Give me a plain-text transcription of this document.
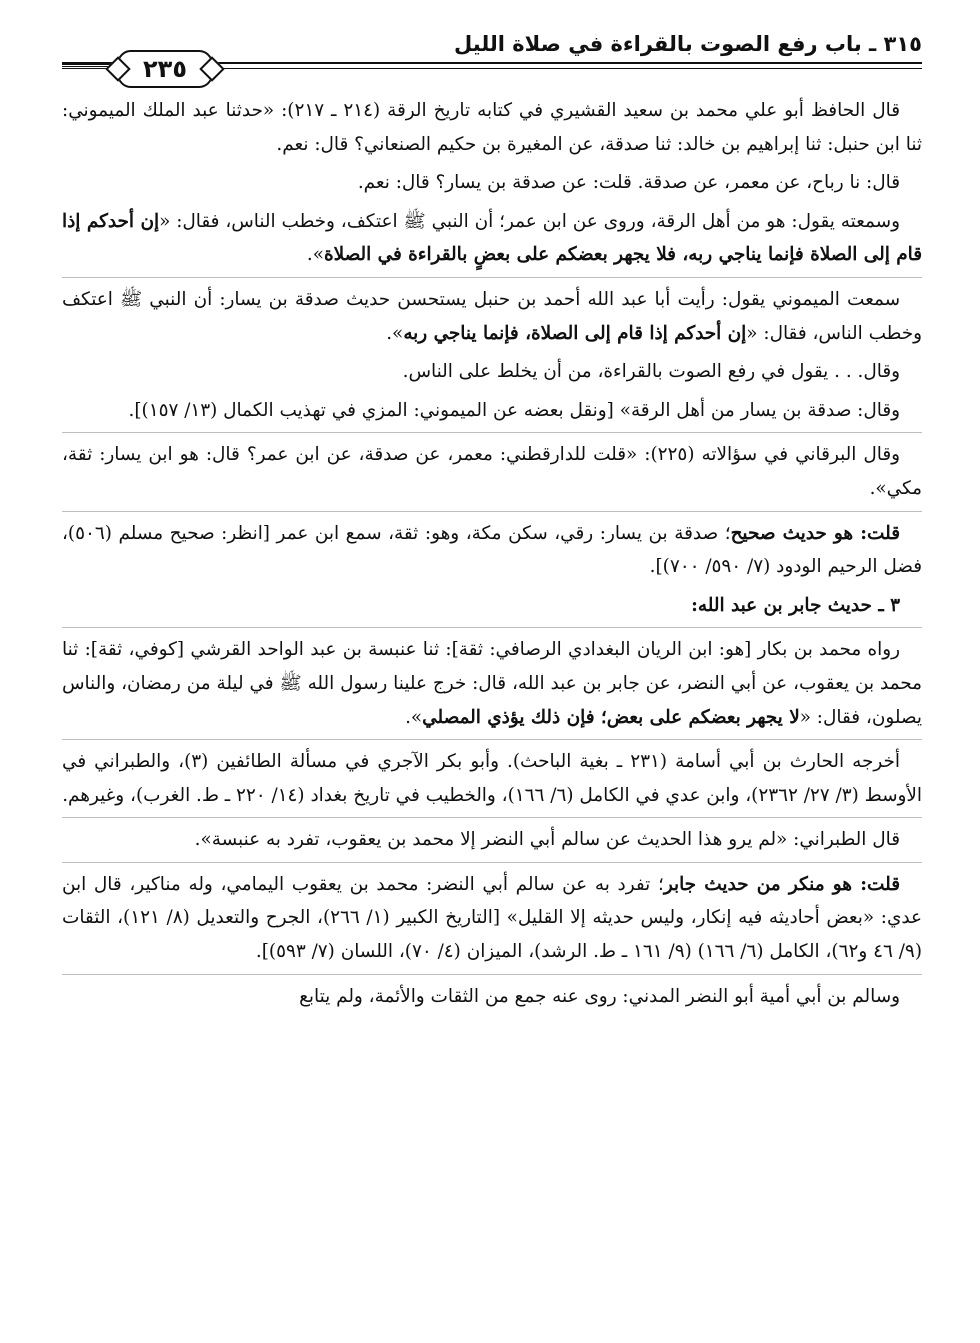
٣١٥ ـ باب رفع الصوت بالقراءة في صلاة الليل
٢٣٥

قال الحافظ أبو علي محمد بن سعيد القشيري في كتابه تاريخ الرقة (٢١٤ ـ ٢١٧): «حدثنا عبد الملك الميموني: ثنا ابن حنبل: ثنا إبراهيم بن خالد: ثنا صدقة، عن المغيرة بن حكيم الصنعاني؟ قال: نعم.

قال: نا رباح، عن معمر، عن صدقة. قلت: عن صدقة بن يسار؟ قال: نعم.

وسمعته يقول: هو من أهل الرقة، وروى عن ابن عمر؛ أن النبي ﷺ اعتكف، وخطب الناس، فقال: «إن أحدكم إذا قام إلى الصلاة فإنما يناجي ربه، فلا يجهر بعضكم على بعضٍ بالقراءة في الصلاة».

سمعت الميموني يقول: رأيت أبا عبد الله أحمد بن حنبل يستحسن حديث صدقة بن يسار: أن النبي ﷺ اعتكف وخطب الناس، فقال: «إن أحدكم إذا قام إلى الصلاة، فإنما يناجي ربه».

وقال. . . يقول في رفع الصوت بالقراءة، من أن يخلط على الناس.

وقال: صدقة بن يسار من أهل الرقة» [ونقل بعضه عن الميموني: المزي في تهذيب الكمال (١٣/ ١٥٧)].

وقال البرقاني في سؤالاته (٢٢٥): «قلت للدارقطني: معمر، عن صدقة، عن ابن عمر؟ قال: هو ابن يسار: ثقة، مكي».

قلت: هو حديث صحيح؛ صدقة بن يسار: رقي، سكن مكة، وهو: ثقة، سمع ابن عمر [انظر: صحيح مسلم (٥٠٦)، فضل الرحيم الودود (٧/ ٥٩٠/ ٧٠٠)].

٣ ـ حديث جابر بن عبد الله:

رواه محمد بن بكار [هو: ابن الريان البغدادي الرصافي: ثقة]: ثنا عنبسة بن عبد الواحد القرشي [كوفي، ثقة]: ثنا محمد بن يعقوب، عن أبي النضر، عن جابر بن عبد الله، قال: خرج علينا رسول الله ﷺ في ليلة من رمضان، والناس يصلون، فقال: «لا يجهر بعضكم على بعض؛ فإن ذلك يؤذي المصلي».

أخرجه الحارث بن أبي أسامة (٢٣١ ـ بغية الباحث). وأبو بكر الآجري في مسألة الطائفين (٣)، والطبراني في الأوسط (٣/ ٢٧/ ٢٣٦٢)، وابن عدي في الكامل (٦/ ١٦٦)، والخطيب في تاريخ بغداد (١٤/ ٢٢٠ ـ ط. الغرب)، وغيرهم.

قال الطبراني: «لم يرو هذا الحديث عن سالم أبي النضر إلا محمد بن يعقوب، تفرد به عنبسة».

قلت: هو منكر من حديث جابر؛ تفرد به عن سالم أبي النضر: محمد بن يعقوب اليمامي، وله مناكير، قال ابن عدي: «بعض أحاديثه فيه إنكار، وليس حديثه إلا القليل» [التاريخ الكبير (١/ ٢٦٦)، الجرح والتعديل (٨/ ١٢١)، الثقات (٩/ ٤٦ و٦٢)، الكامل (٦/ ١٦٦) (٩/ ١٦١ ـ ط. الرشد)، الميزان (٤/ ٧٠)، اللسان (٧/ ٥٩٣)].

وسالم بن أبي أمية أبو النضر المدني: روى عنه جمع من الثقات والأئمة، ولم يتابع
